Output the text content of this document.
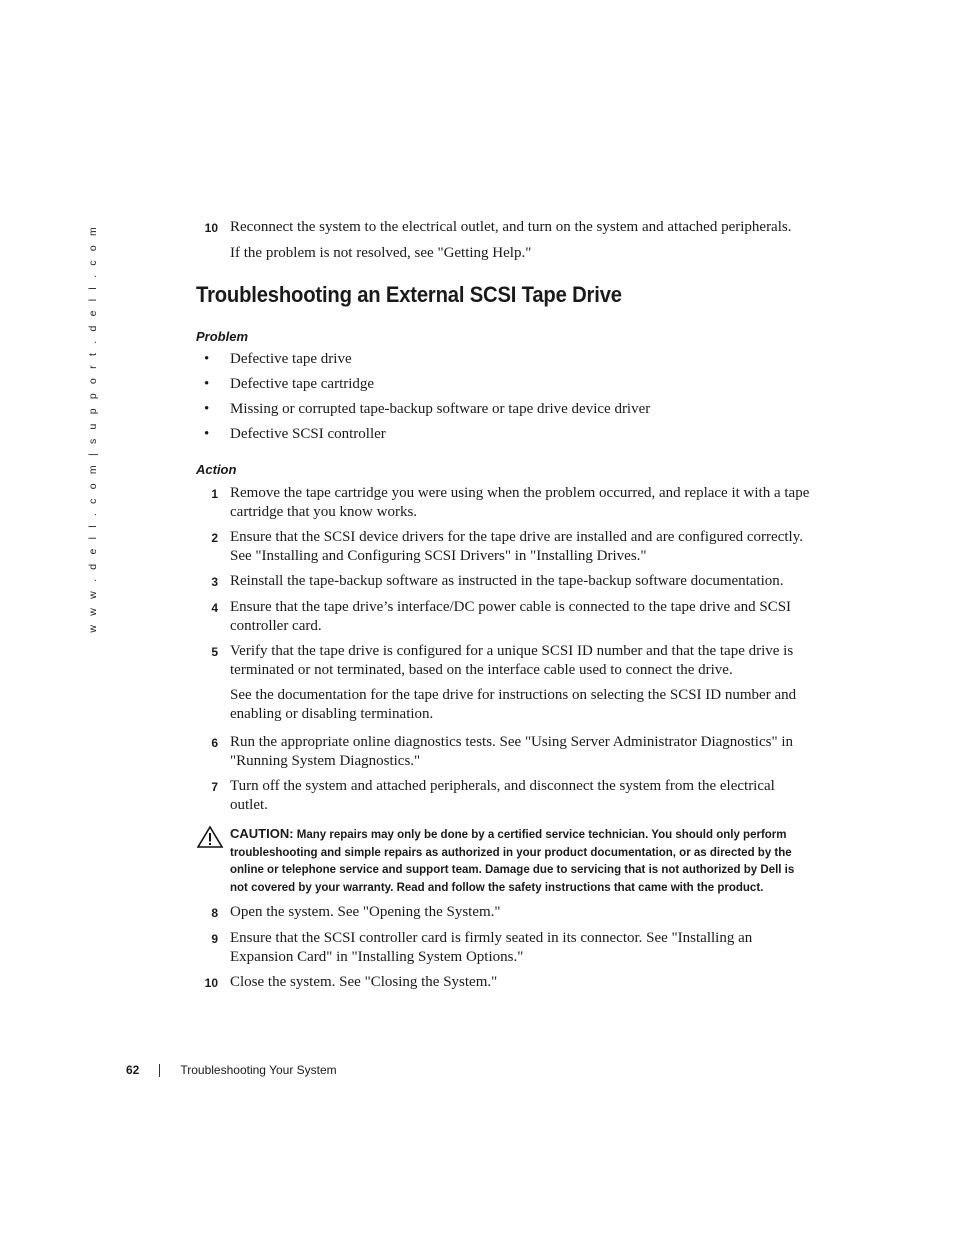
w w w . d e l l . c o m | s u p p o r t . d e l l . c o m	10 Reconnect the system to the electrical outlet, and turn on the system and attached peripherals.
If the problem is not resolved, see "Getting Help."
Troubleshooting an External SCSI Tape Drive
Problem
•	Defective tape drive
•	Defective tape cartridge
•	Missing or corrupted tape-backup software or tape drive device driver
•	Defective SCSI controller
Action
1 Remove the tape cartridge you were using when the problem occurred, and replace it with a tape cartridge that you know works.
2 Ensure that the SCSI device drivers for the tape drive are installed and are configured correctly. See "Installing and Configuring SCSI Drivers" in "Installing Drives."
3 Reinstall the tape-backup software as instructed in the tape-backup software documentation.
4 Ensure that the tape drive’s interface/DC power cable is connected to the tape drive and SCSI controller card.
5 Verify that the tape drive is configured for a unique SCSI ID number and that the tape drive is terminated or not terminated, based on the interface cable used to connect the drive.
See the documentation for the tape drive for instructions on selecting the SCSI ID number and enabling or disabling termination.
6 Run the appropriate online diagnostics tests. See "Using Server Administrator Diagnostics" in "Running System Diagnostics."
7 Turn off the system and attached peripherals, and disconnect the system from the electrical outlet.
CAUTION: Many repairs may only be done by a certified service technician. You should only perform troubleshooting and simple repairs as authorized in your product documentation, or as directed by the online or telephone service and support team. Damage due to servicing that is not authorized by Dell is not covered by your warranty. Read and follow the safety instructions that came with the product.
8 Open the system. See "Opening the System."
9 Ensure that the SCSI controller card is firmly seated in its connector. See "Installing an Expansion Card" in "Installing System Options."
10 Close the system. See "Closing the System."
62	Troubleshooting Your System
